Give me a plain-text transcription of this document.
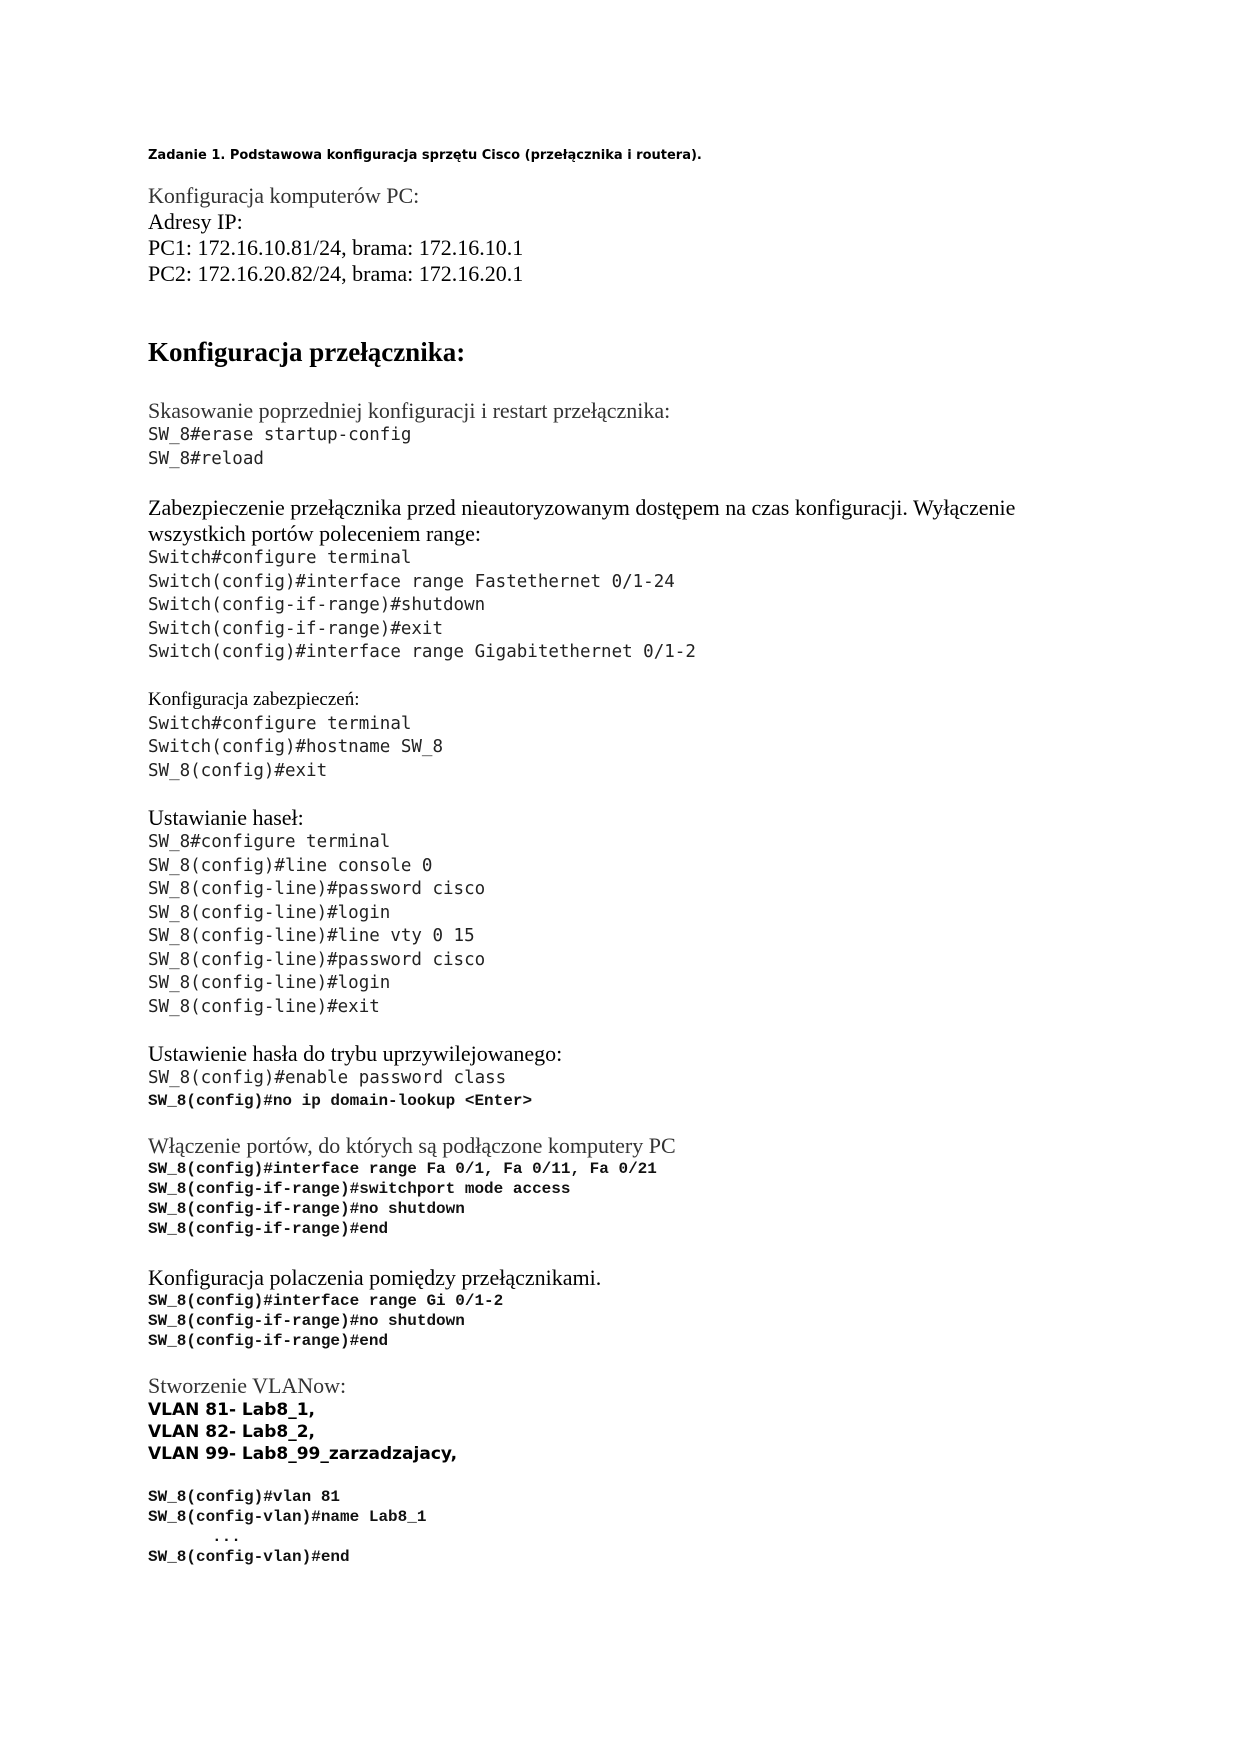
Zadanie 1. Podstawowa konfiguracja sprzętu Cisco (przełącznika i routera).

Konfiguracja komputerów PC:

Adresy IP:

PC1: 172.16.10.81/24, brama: 172.16.10.1

PC2: 172.16.20.82/24, brama: 172.16.20.1

Konfiguracja przełącznika:

Skasowanie poprzedniej konfiguracji i restart przełącznika:

SW_8#erase startup-config

SW_8#reload

Zabezpieczenie przełącznika przed nieautoryzowanym dostępem na czas konfiguracji. Wyłączenie wszystkich portów poleceniem range:

Switch#configure terminal

Switch(config)#interface range Fastethernet 0/1-24

Switch(config-if-range)#shutdown

Switch(config-if-range)#exit

Switch(config)#interface range Gigabitethernet 0/1-2

Konfiguracja zabezpieczeń:

Switch#configure terminal

Switch(config)#hostname SW_8

SW_8(config)#exit

Ustawianie haseł:

SW_8#configure terminal

SW_8(config)#line console 0

SW_8(config-line)#password cisco

SW_8(config-line)#login

SW_8(config-line)#line vty 0 15

SW_8(config-line)#password cisco

SW_8(config-line)#login

SW_8(config-line)#exit

Ustawienie hasła do trybu uprzywilejowanego:

SW_8(config)#enable password class

SW_8(config)#no ip domain-lookup <Enter>

Włączenie portów, do których są podłączone komputery PC

SW_8(config)#interface range Fa 0/1, Fa 0/11, Fa 0/21

SW_8(config-if-range)#switchport mode access

SW_8(config-if-range)#no shutdown

SW_8(config-if-range)#end

Konfiguracja polaczenia pomiędzy przełącznikami.

SW_8(config)#interface range Gi 0/1-2

SW_8(config-if-range)#no shutdown

SW_8(config-if-range)#end

Stworzenie VLANow:

VLAN 81- Lab8_1,

VLAN 82- Lab8_2,

VLAN 99- Lab8_99_zarzadzajacy,

SW_8(config)#vlan 81

SW_8(config-vlan)#name Lab8_1

...

SW_8(config-vlan)#end
